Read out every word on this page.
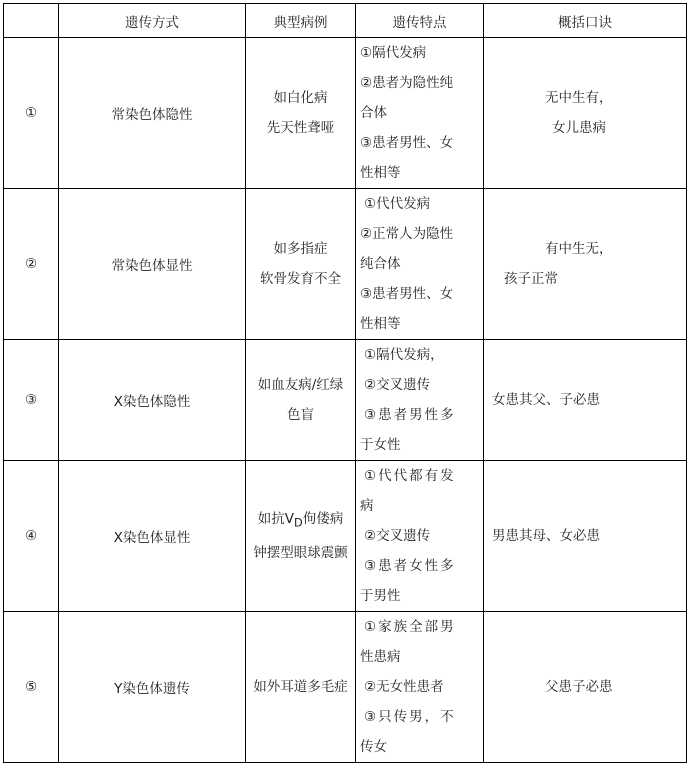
	遗传方式	典型病例	遗传特点	概括口诀
①	常染色体隐性	如白化病
先天性聋哑	①隔代发病
②患者为隐性纯
合体
③患者男性、女
性相等	无中生有，
女儿患病

②	常染色体显性	如多指症
软骨发育不全	①代代发病
②正常人为隐性
纯合体
③患者男性、女
性相等	有中生无，
孩子正常

③	X染色体隐性	如血友病/红绿
色盲	①隔代发病，
②交叉遗传
③患者男性多
于女性	女患其父、子必患

④	X染色体显性	如抗$V_D$佝偻病
钟摆型眼球震颤	①代代都有发
病
②交叉遗传
③患者女性多
于男性	男患其母、女必患

⑤	Y染色体遗传	如外耳道多毛症	①家族全部男
性患病
②无女性患者
③只传男，不
传女	父患子必患
